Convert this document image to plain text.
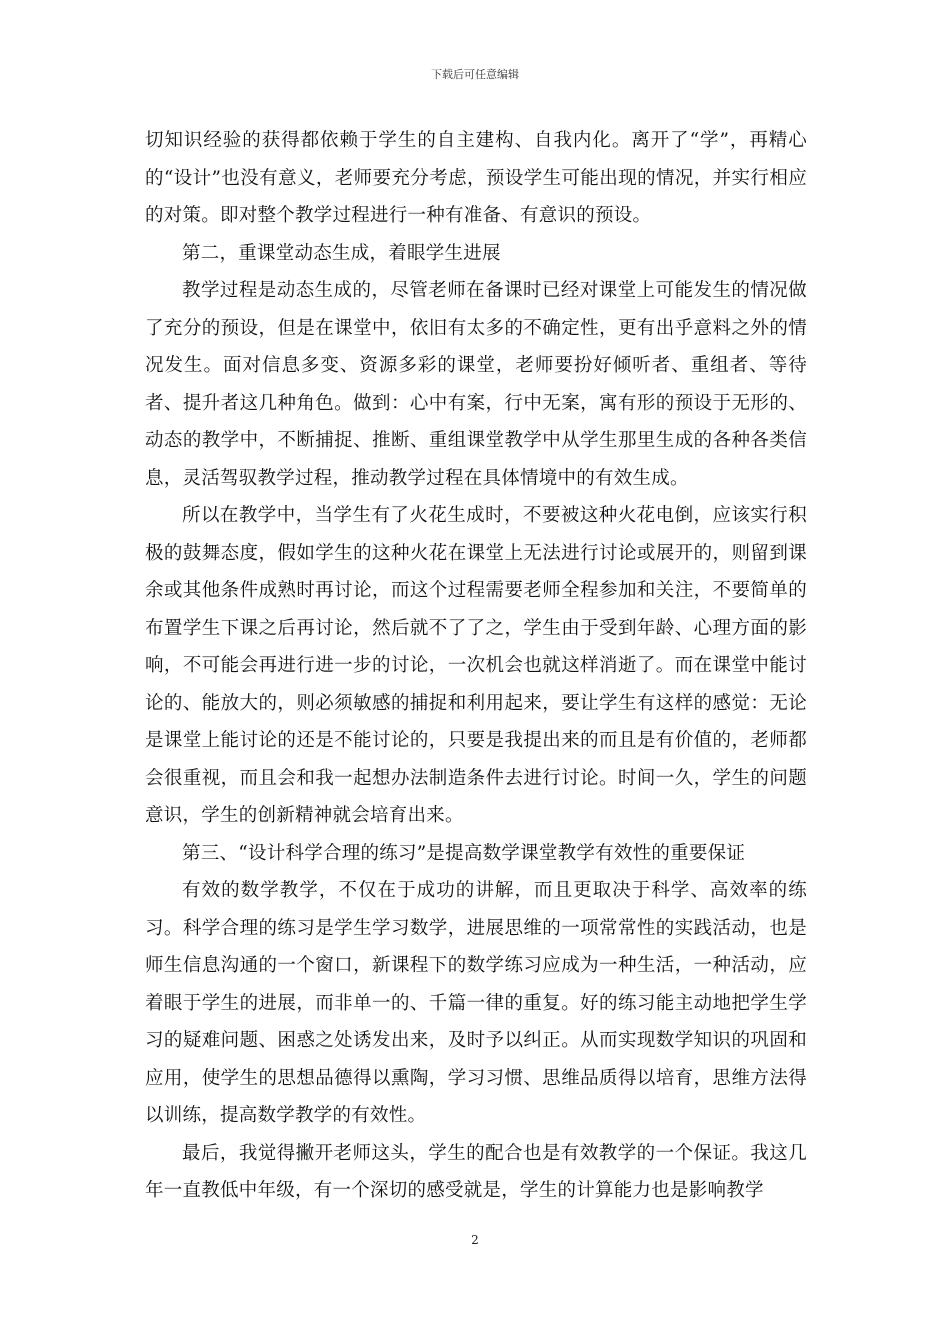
下载后可任意编辑

切知识经验的获得都依赖于学生的自主建构、自我内化。离开了“学”，再精心的“设计”也没有意义，老师要充分考虑，预设学生可能出现的情况，并实行相应的对策。即对整个教学过程进行一种有准备、有意识的预设。

第二，重课堂动态生成，着眼学生进展

教学过程是动态生成的，尽管老师在备课时已经对课堂上可能发生的情况做了充分的预设，但是在课堂中，依旧有太多的不确定性，更有出乎意料之外的情况发生。面对信息多变、资源多彩的课堂，老师要扮好倾听者、重组者、等待者、提升者这几种角色。做到：心中有案，行中无案，寓有形的预设于无形的、动态的教学中，不断捕捉、推断、重组课堂教学中从学生那里生成的各种各类信息，灵活驾驭教学过程，推动教学过程在具体情境中的有效生成。

所以在教学中，当学生有了火花生成时，不要被这种火花电倒，应该实行积极的鼓舞态度，假如学生的这种火花在课堂上无法进行讨论或展开的，则留到课余或其他条件成熟时再讨论，而这个过程需要老师全程参加和关注，不要简单的布置学生下课之后再讨论，然后就不了了之，学生由于受到年龄、心理方面的影响，不可能会再进行进一步的讨论，一次机会也就这样消逝了。而在课堂中能讨论的、能放大的，则必须敏感的捕捉和利用起来，要让学生有这样的感觉：无论是课堂上能讨论的还是不能讨论的，只要是我提出来的而且是有价值的，老师都会很重视，而且会和我一起想办法制造条件去进行讨论。时间一久，学生的问题意识，学生的创新精神就会培育出来。

第三、“设计科学合理的练习”是提高数学课堂教学有效性的重要保证

有效的数学教学，不仅在于成功的讲解，而且更取决于科学、高效率的练习。科学合理的练习是学生学习数学，进展思维的一项常常性的实践活动，也是师生信息沟通的一个窗口，新课程下的数学练习应成为一种生活，一种活动，应着眼于学生的进展，而非单一的、千篇一律的重复。好的练习能主动地把学生学习的疑难问题、困惑之处诱发出来，及时予以纠正。从而实现数学知识的巩固和应用，使学生的思想品德得以熏陶，学习习惯、思维品质得以培育，思维方法得以训练，提高数学教学的有效性。

最后，我觉得撇开老师这头，学生的配合也是有效教学的一个保证。我这几年一直教低中年级，有一个深切的感受就是，学生的计算能力也是影响教学

2
